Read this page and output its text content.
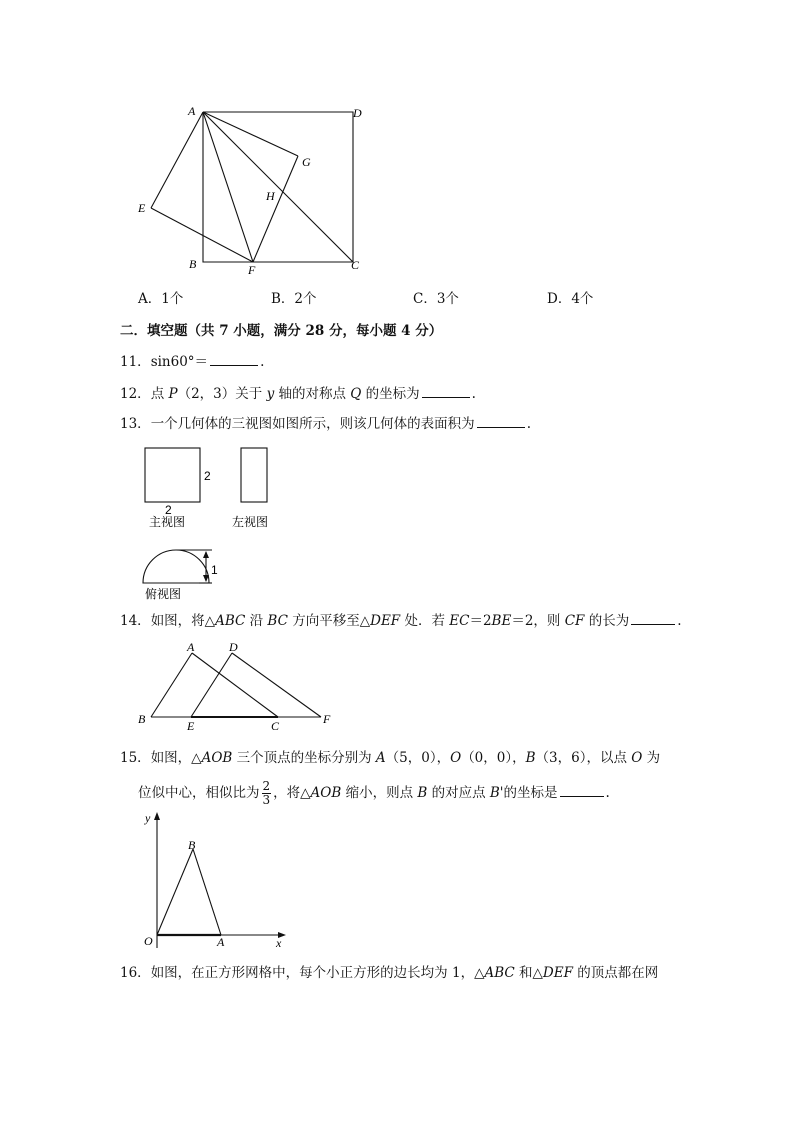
A	D
G
H
E
B	F	C
A．1个	B．2个	C．3个	D．4个
二．填空题（共 7 小题，满分 28 分，每小题 4 分）
11．sin60°＝	.
12．点 P（2，3）关于 y 轴的对称点 Q 的坐标为	.
13．一个几何体的三视图如图所示，则该几何体的表面积为	.
2
2
主视图	左视图
1
俯视图
14．如图，将△ABC 沿 BC 方向平移至△DEF 处．若 EC＝2BE＝2，则 CF 的长为	.
A	D
B	E	C	F
15．如图，△AOB 三个顶点的坐标分别为 A（5，0），O（0，0），B（3，6），以点 O 为
位似中心，相似比为 $\frac{2}{3}$ ，将△AOB 缩小，则点 B 的对应点 B'的坐标是	.
y
x
B
O	A
16．如图，在正方形网格中，每个小正方形的边长均为 1，△ABC 和△DEF 的顶点都在网
